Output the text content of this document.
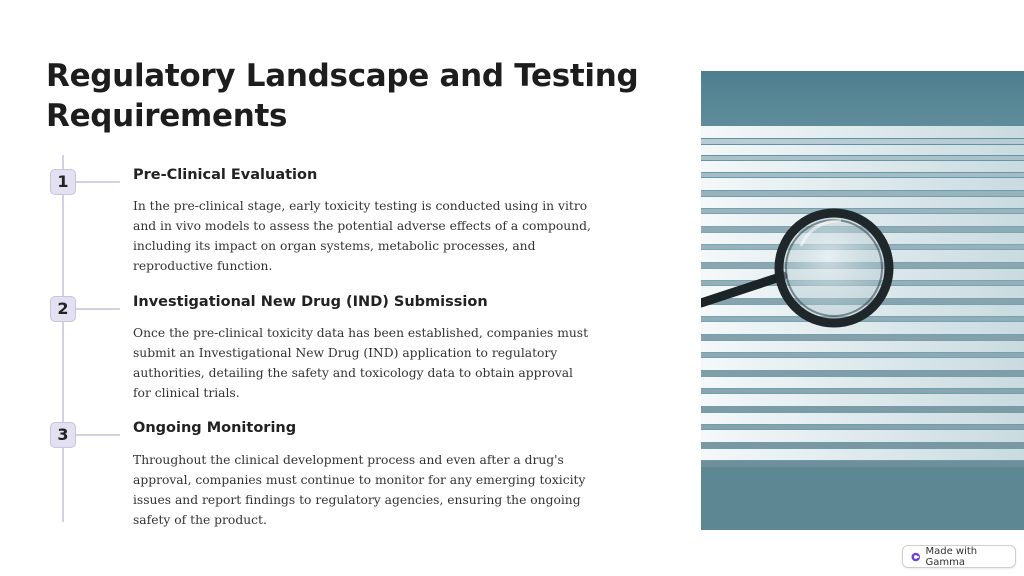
Regulatory Landscape and Testing Requirements
1	Pre-Clinical Evaluation
In the pre-clinical stage, early toxicity testing is conducted using in vitro and in vivo models to assess the potential adverse effects of a compound, including its impact on organ systems, metabolic processes, and reproductive function.
2	Investigational New Drug (IND) Submission
Once the pre-clinical toxicity data has been established, companies must submit an Investigational New Drug (IND) application to regulatory authorities, detailing the safety and toxicology data to obtain approval for clinical trials.
3	Ongoing Monitoring
Throughout the clinical development process and even after a drug's approval, companies must continue to monitor for any emerging toxicity issues and report findings to regulatory agencies, ensuring the ongoing safety of the product.
Made with Gamma
